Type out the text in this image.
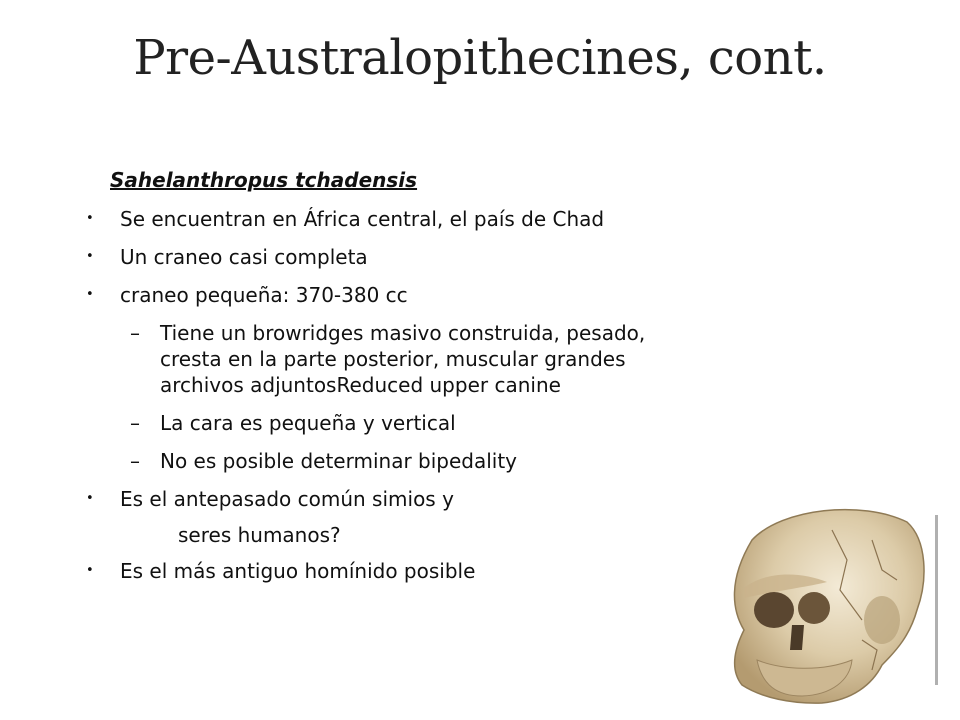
Pre-Australopithecines, cont.
Sahelanthropus tchadensis
• Se encuentran en África central, el país de Chad
• Un craneo casi completa
• craneo pequeña: 370-380 cc
– Tiene un browridges masivo construida, pesado,
cresta en la parte posterior, muscular grandes
archivos adjuntosReduced upper canine
– La cara es pequeña y vertical
– No es posible determinar bipedality
• Es el antepasado común simios y
seres humanos?
• Es el más antiguo homínido posible
